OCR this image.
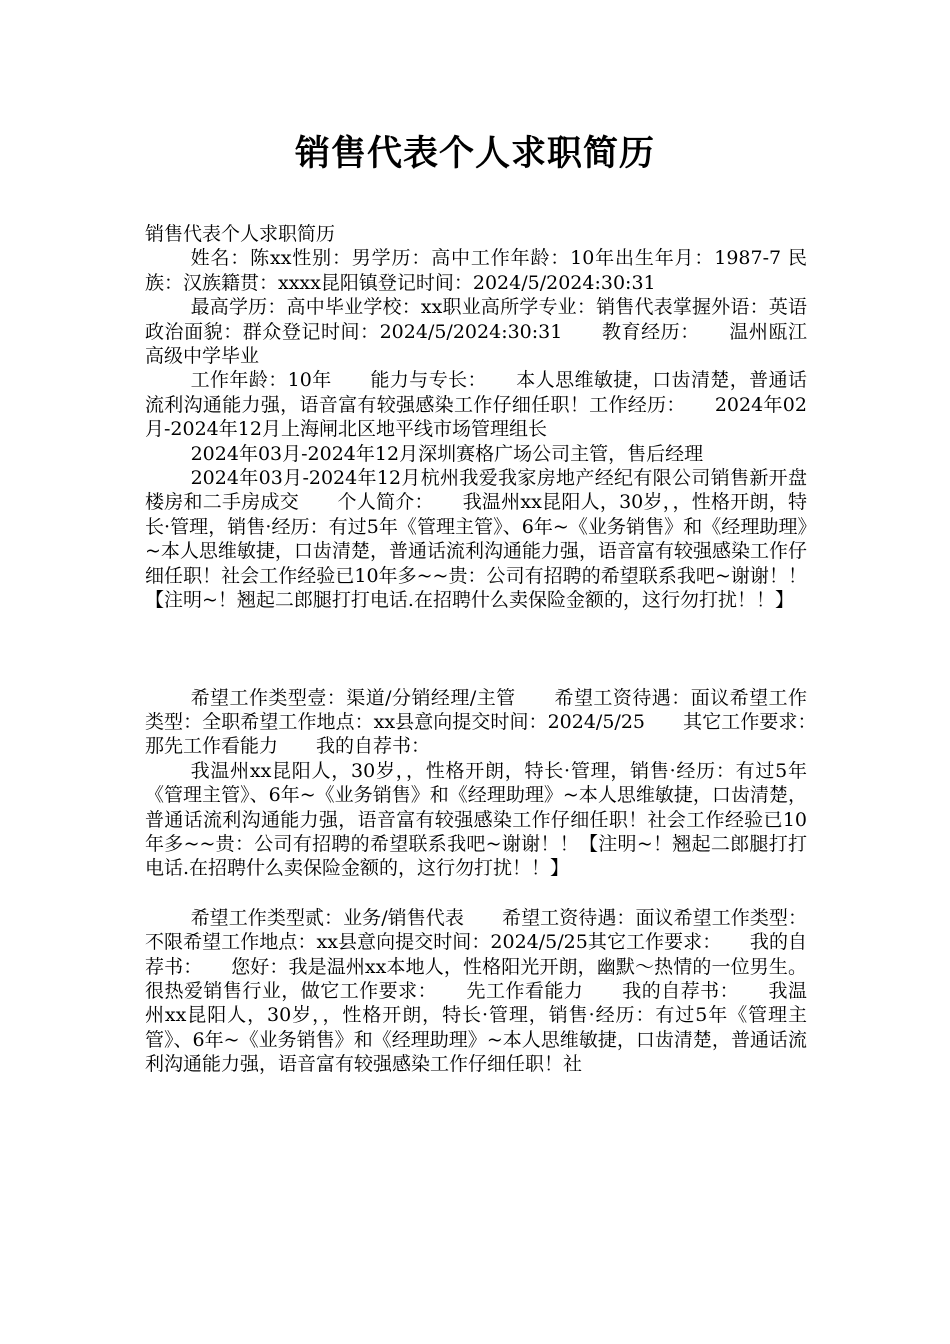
销售代表个人求职简历

销售代表个人求职简历

姓名：陈xx性别：男学历：高中工作年龄：10年出生年月：1987-7 民族：汉族籍贯：xxxx昆阳镇登记时间：2024/5/2024:30:31

最高学历：高中毕业学校：xx职业高所学专业：销售代表掌握外语：英语政治面貌：群众登记时间：2024/5/2024:30:31　　教育经历：　　温州瓯江高级中学毕业

工作年龄：10年　　能力与专长：　　本人思维敏捷，口齿清楚，普通话流利沟通能力强，语音富有较强感染工作仔细任职！工作经历：　　2024年02月-2024年12月上海闸北区地平线市场管理组长

2024年03月-2024年12月深圳赛格广场公司主管，售后经理

2024年03月-2024年12月杭州我爱我家房地产经纪有限公司销售新开盘楼房和二手房成交　　个人简介：　　我温州xx昆阳人，30岁，，性格开朗，特长·管理，销售·经历：有过5年《管理主管》、6年~《业务销售》和《经理助理》~本人思维敏捷，口齿清楚，普通话流利沟通能力强，语音富有较强感染工作仔细任职！社会工作经验已10年多~~贵：公司有招聘的希望联系我吧~谢谢！！【注明~！翘起二郎腿打打电话.在招聘什么卖保险金额的，这行勿打扰！！】

希望工作类型壹：渠道/分销经理/主管　　希望工资待遇：面议希望工作类型：全职希望工作地点：xx县意向提交时间：2024/5/25　　其它工作要求：　　那先工作看能力　　我的自荐书：

我温州xx昆阳人，30岁，，性格开朗，特长·管理，销售·经历：有过5年《管理主管》、6年~《业务销售》和《经理助理》~本人思维敏捷，口齿清楚，普通话流利沟通能力强，语音富有较强感染工作仔细任职！社会工作经验已10年多~~贵：公司有招聘的希望联系我吧~谢谢！！【注明~！翘起二郎腿打打电话.在招聘什么卖保险金额的，这行勿打扰！！】

希望工作类型贰：业务/销售代表　　希望工资待遇：面议希望工作类型：不限希望工作地点：xx县意向提交时间：2024/5/25其它工作要求：　　我的自荐书：　　您好：我是温州xx本地人，性格阳光开朗，幽默～热情的一位男生。很热爱销售行业，做它工作要求：　　先工作看能力　　我的自荐书：　　我温州xx昆阳人，30岁，，性格开朗，特长·管理，销售·经历：有过5年《管理主管》、6年~《业务销售》和《经理助理》~本人思维敏捷，口齿清楚，普通话流利沟通能力强，语音富有较强感染工作仔细任职！社
